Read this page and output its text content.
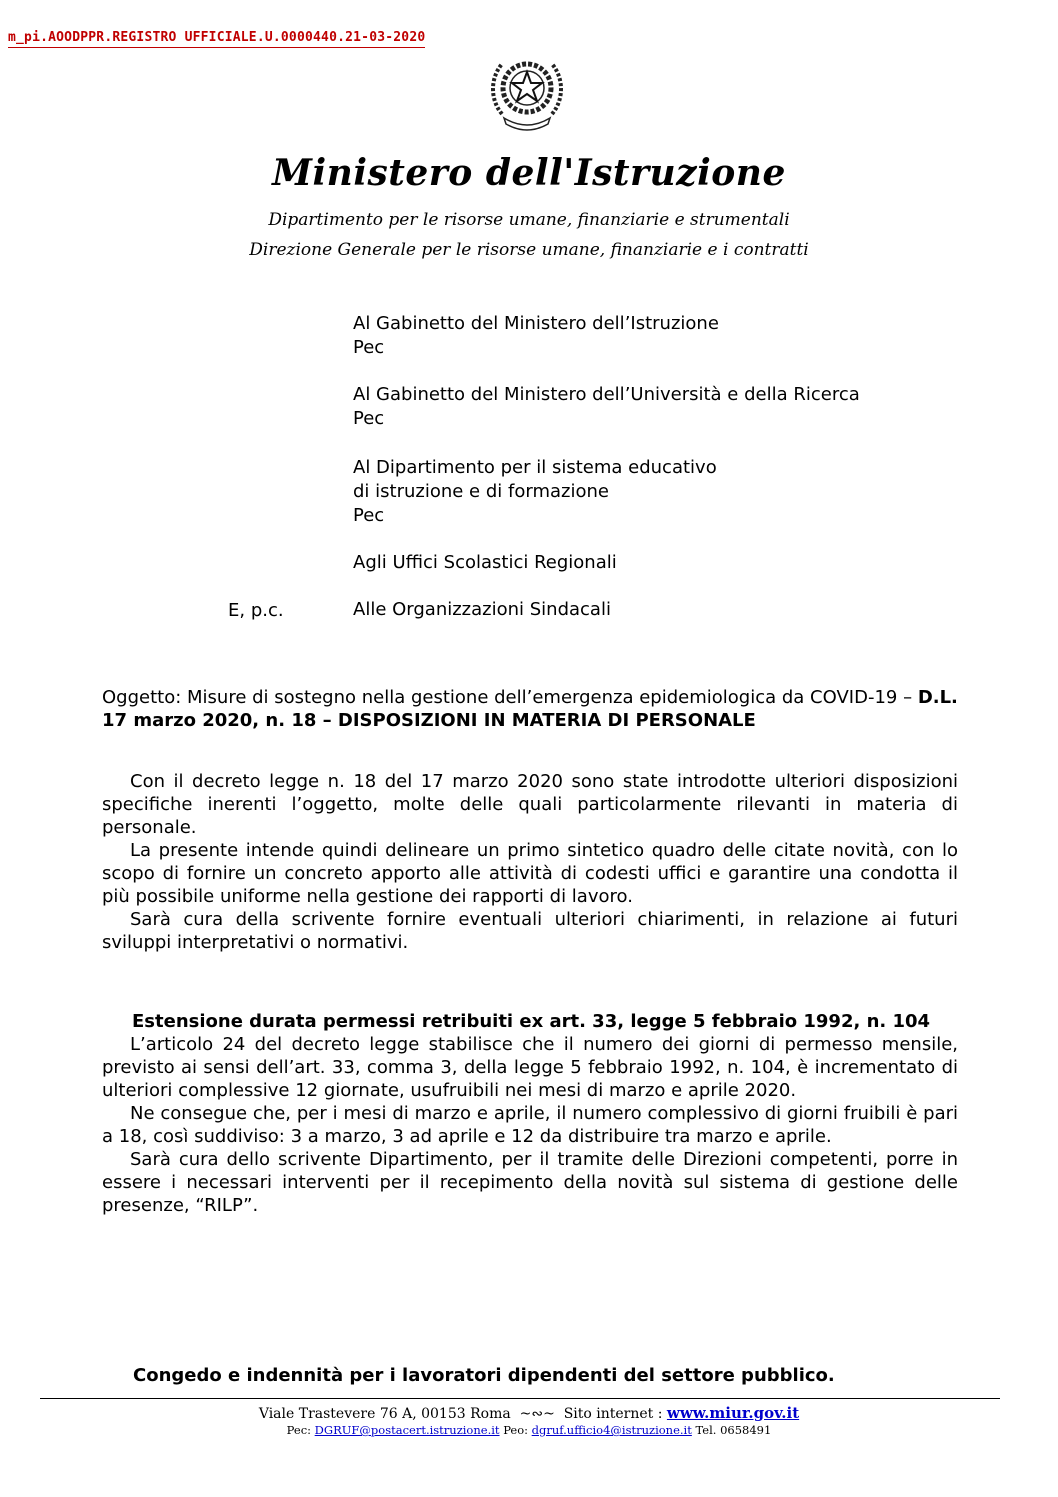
m_pi.AOODPPR.REGISTRO UFFICIALE.U.0000440.21-03-2020
Ministero dell'Istruzione
Dipartimento per le risorse umane, finanziarie e strumentali
Direzione Generale per le risorse umane, finanziarie e i contratti
Al Gabinetto del Ministero dell’Istruzione
Pec
Al Gabinetto del Ministero dell’Università e della Ricerca
Pec
Al Dipartimento per il sistema educativo
di istruzione e di formazione
Pec
Agli Uffici Scolastici Regionali
E, p.c.	Alle Organizzazioni Sindacali

Oggetto: Misure di sostegno nella gestione dell’emergenza epidemiologica da COVID-19 – D.L. 17 marzo 2020, n. 18 – DISPOSIZIONI IN MATERIA DI PERSONALE

Con il decreto legge n. 18 del 17 marzo 2020 sono state introdotte ulteriori disposizioni specifiche inerenti l’oggetto, molte delle quali particolarmente rilevanti in materia di personale.

La presente intende quindi delineare un primo sintetico quadro delle citate novità, con lo scopo di fornire un concreto apporto alle attività di codesti uffici e garantire una condotta il più possibile uniforme nella gestione dei rapporti di lavoro.

Sarà cura della scrivente fornire eventuali ulteriori chiarimenti, in relazione ai futuri sviluppi interpretativi o normativi.

Estensione durata permessi retribuiti ex art. 33, legge 5 febbraio 1992, n. 104

L’articolo 24 del decreto legge stabilisce che il numero dei giorni di permesso mensile, previsto ai sensi dell’art. 33, comma 3, della legge 5 febbraio 1992, n. 104, è incrementato di ulteriori complessive 12 giornate, usufruibili nei mesi di marzo e aprile 2020.

Ne consegue che, per i mesi di marzo e aprile, il numero complessivo di giorni fruibili è pari a 18, così suddiviso: 3 a marzo, 3 ad aprile e 12 da distribuire tra marzo e aprile.

Sarà cura dello scrivente Dipartimento, per il tramite delle Direzioni competenti, porre in essere i necessari interventi per il recepimento della novità sul sistema di gestione delle presenze, “RILP”.

Congedo e indennità per i lavoratori dipendenti del settore pubblico.
Viale Trastevere 76 A, 00153 Roma  ~∾~  Sito internet : www.miur.gov.it
Pec: DGRUF@postacert.istruzione.it Peo: dgruf.ufficio4@istruzione.it Tel. 0658491
